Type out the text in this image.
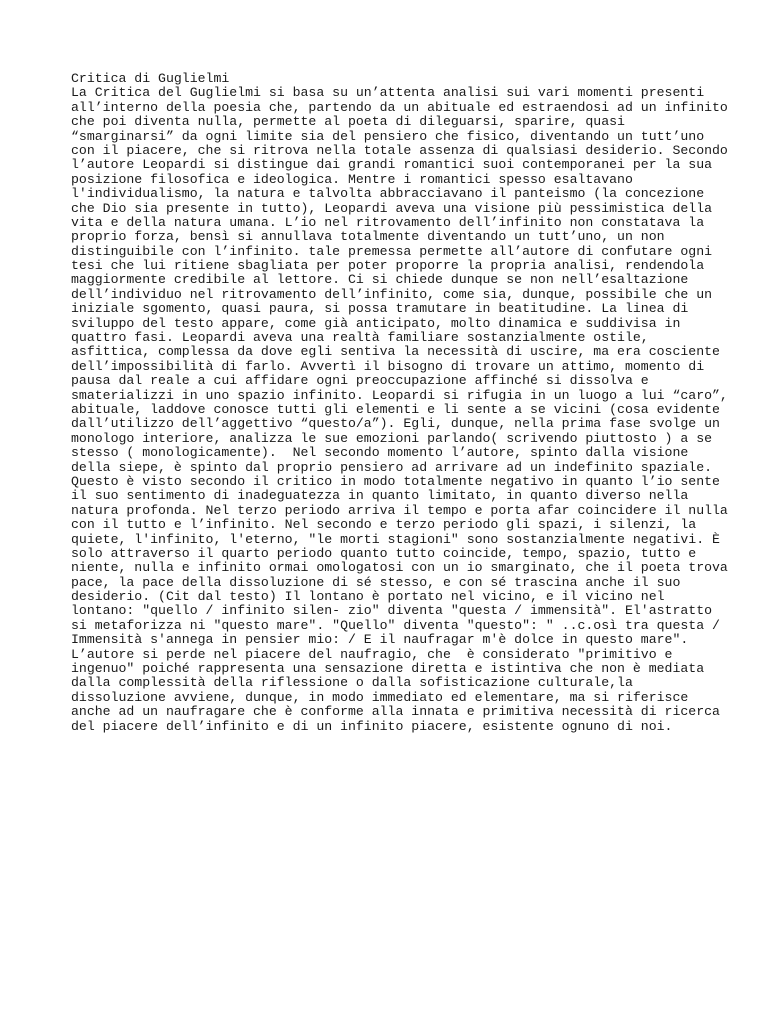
Critica di Guglielmi
La Critica del Guglielmi si basa su un’attenta analisi sui vari momenti presenti
all’interno della poesia che, partendo da un abituale ed estraendosi ad un infinito
che poi diventa nulla, permette al poeta di dileguarsi, sparire, quasi
“smarginarsi” da ogni limite sia del pensiero che fisico, diventando un tutt’uno
con il piacere, che si ritrova nella totale assenza di qualsiasi desiderio. Secondo
l’autore Leopardi si distingue dai grandi romantici suoi contemporanei per la sua
posizione filosofica e ideologica. Mentre i romantici spesso esaltavano
l'individualismo, la natura e talvolta abbracciavano il panteismo (la concezione
che Dio sia presente in tutto), Leopardi aveva una visione più pessimistica della
vita e della natura umana. L’io nel ritrovamento dell’infinito non constatava la
proprio forza, bensì si annullava totalmente diventando un tutt’uno, un non
distinguibile con l’infinito. tale premessa permette all’autore di confutare ogni
tesi che lui ritiene sbagliata per poter proporre la propria analisi, rendendola
maggiormente credibile al lettore. Ci si chiede dunque se non nell’esaltazione
dell’individuo nel ritrovamento dell’infinito, come sia, dunque, possibile che un
iniziale sgomento, quasi paura, si possa tramutare in beatitudine. La linea di
sviluppo del testo appare, come già anticipato, molto dinamica e suddivisa in
quattro fasi. Leopardi aveva una realtà familiare sostanzialmente ostile,
asfittica, complessa da dove egli sentiva la necessità di uscire, ma era cosciente
dell’impossibilità di farlo. Avvertì il bisogno di trovare un attimo, momento di
pausa dal reale a cui affidare ogni preoccupazione affinché si dissolva e
smaterializzi in uno spazio infinito. Leopardi si rifugia in un luogo a lui “caro”,
abituale, laddove conosce tutti gli elementi e li sente a se vicini (cosa evidente
dall’utilizzo dell’aggettivo “questo/a”). Egli, dunque, nella prima fase svolge un
monologo interiore, analizza le sue emozioni parlando( scrivendo piuttosto ) a se
stesso ( monologicamente).  Nel secondo momento l’autore, spinto dalla visione
della siepe, è spinto dal proprio pensiero ad arrivare ad un indefinito spaziale.
Questo è visto secondo il critico in modo totalmente negativo in quanto l’io sente
il suo sentimento di inadeguatezza in quanto limitato, in quanto diverso nella
natura profonda. Nel terzo periodo arriva il tempo e porta afar coincidere il nulla
con il tutto e l’infinito. Nel secondo e terzo periodo gli spazi, i silenzi, la
quiete, l'infinito, l'eterno, "le morti stagioni" sono sostanzialmente negativi. È
solo attraverso il quarto periodo quanto tutto coincide, tempo, spazio, tutto e
niente, nulla e infinito ormai omologatosi con un io smarginato, che il poeta trova
pace, la pace della dissoluzione di sé stesso, e con sé trascina anche il suo
desiderio. (Cit dal testo) Il lontano è portato nel vicino, e il vicino nel
lontano: "quello / infinito silen- zio" diventa "questa / immensità". El'astratto
si metaforizza ni "questo mare". "Quello" diventa "questo": " ..c.osì tra questa /
Immensità s'annega in pensier mio: / E il naufragar m'è dolce in questo mare".
L’autore si perde nel piacere del naufragio, che  è considerato "primitivo e
ingenuo" poiché rappresenta una sensazione diretta e istintiva che non è mediata
dalla complessità della riflessione o dalla sofisticazione culturale,la
dissoluzione avviene, dunque, in modo immediato ed elementare, ma si riferisce
anche ad un naufragare che è conforme alla innata e primitiva necessità di ricerca
del piacere dell’infinito e di un infinito piacere, esistente ognuno di noi.
